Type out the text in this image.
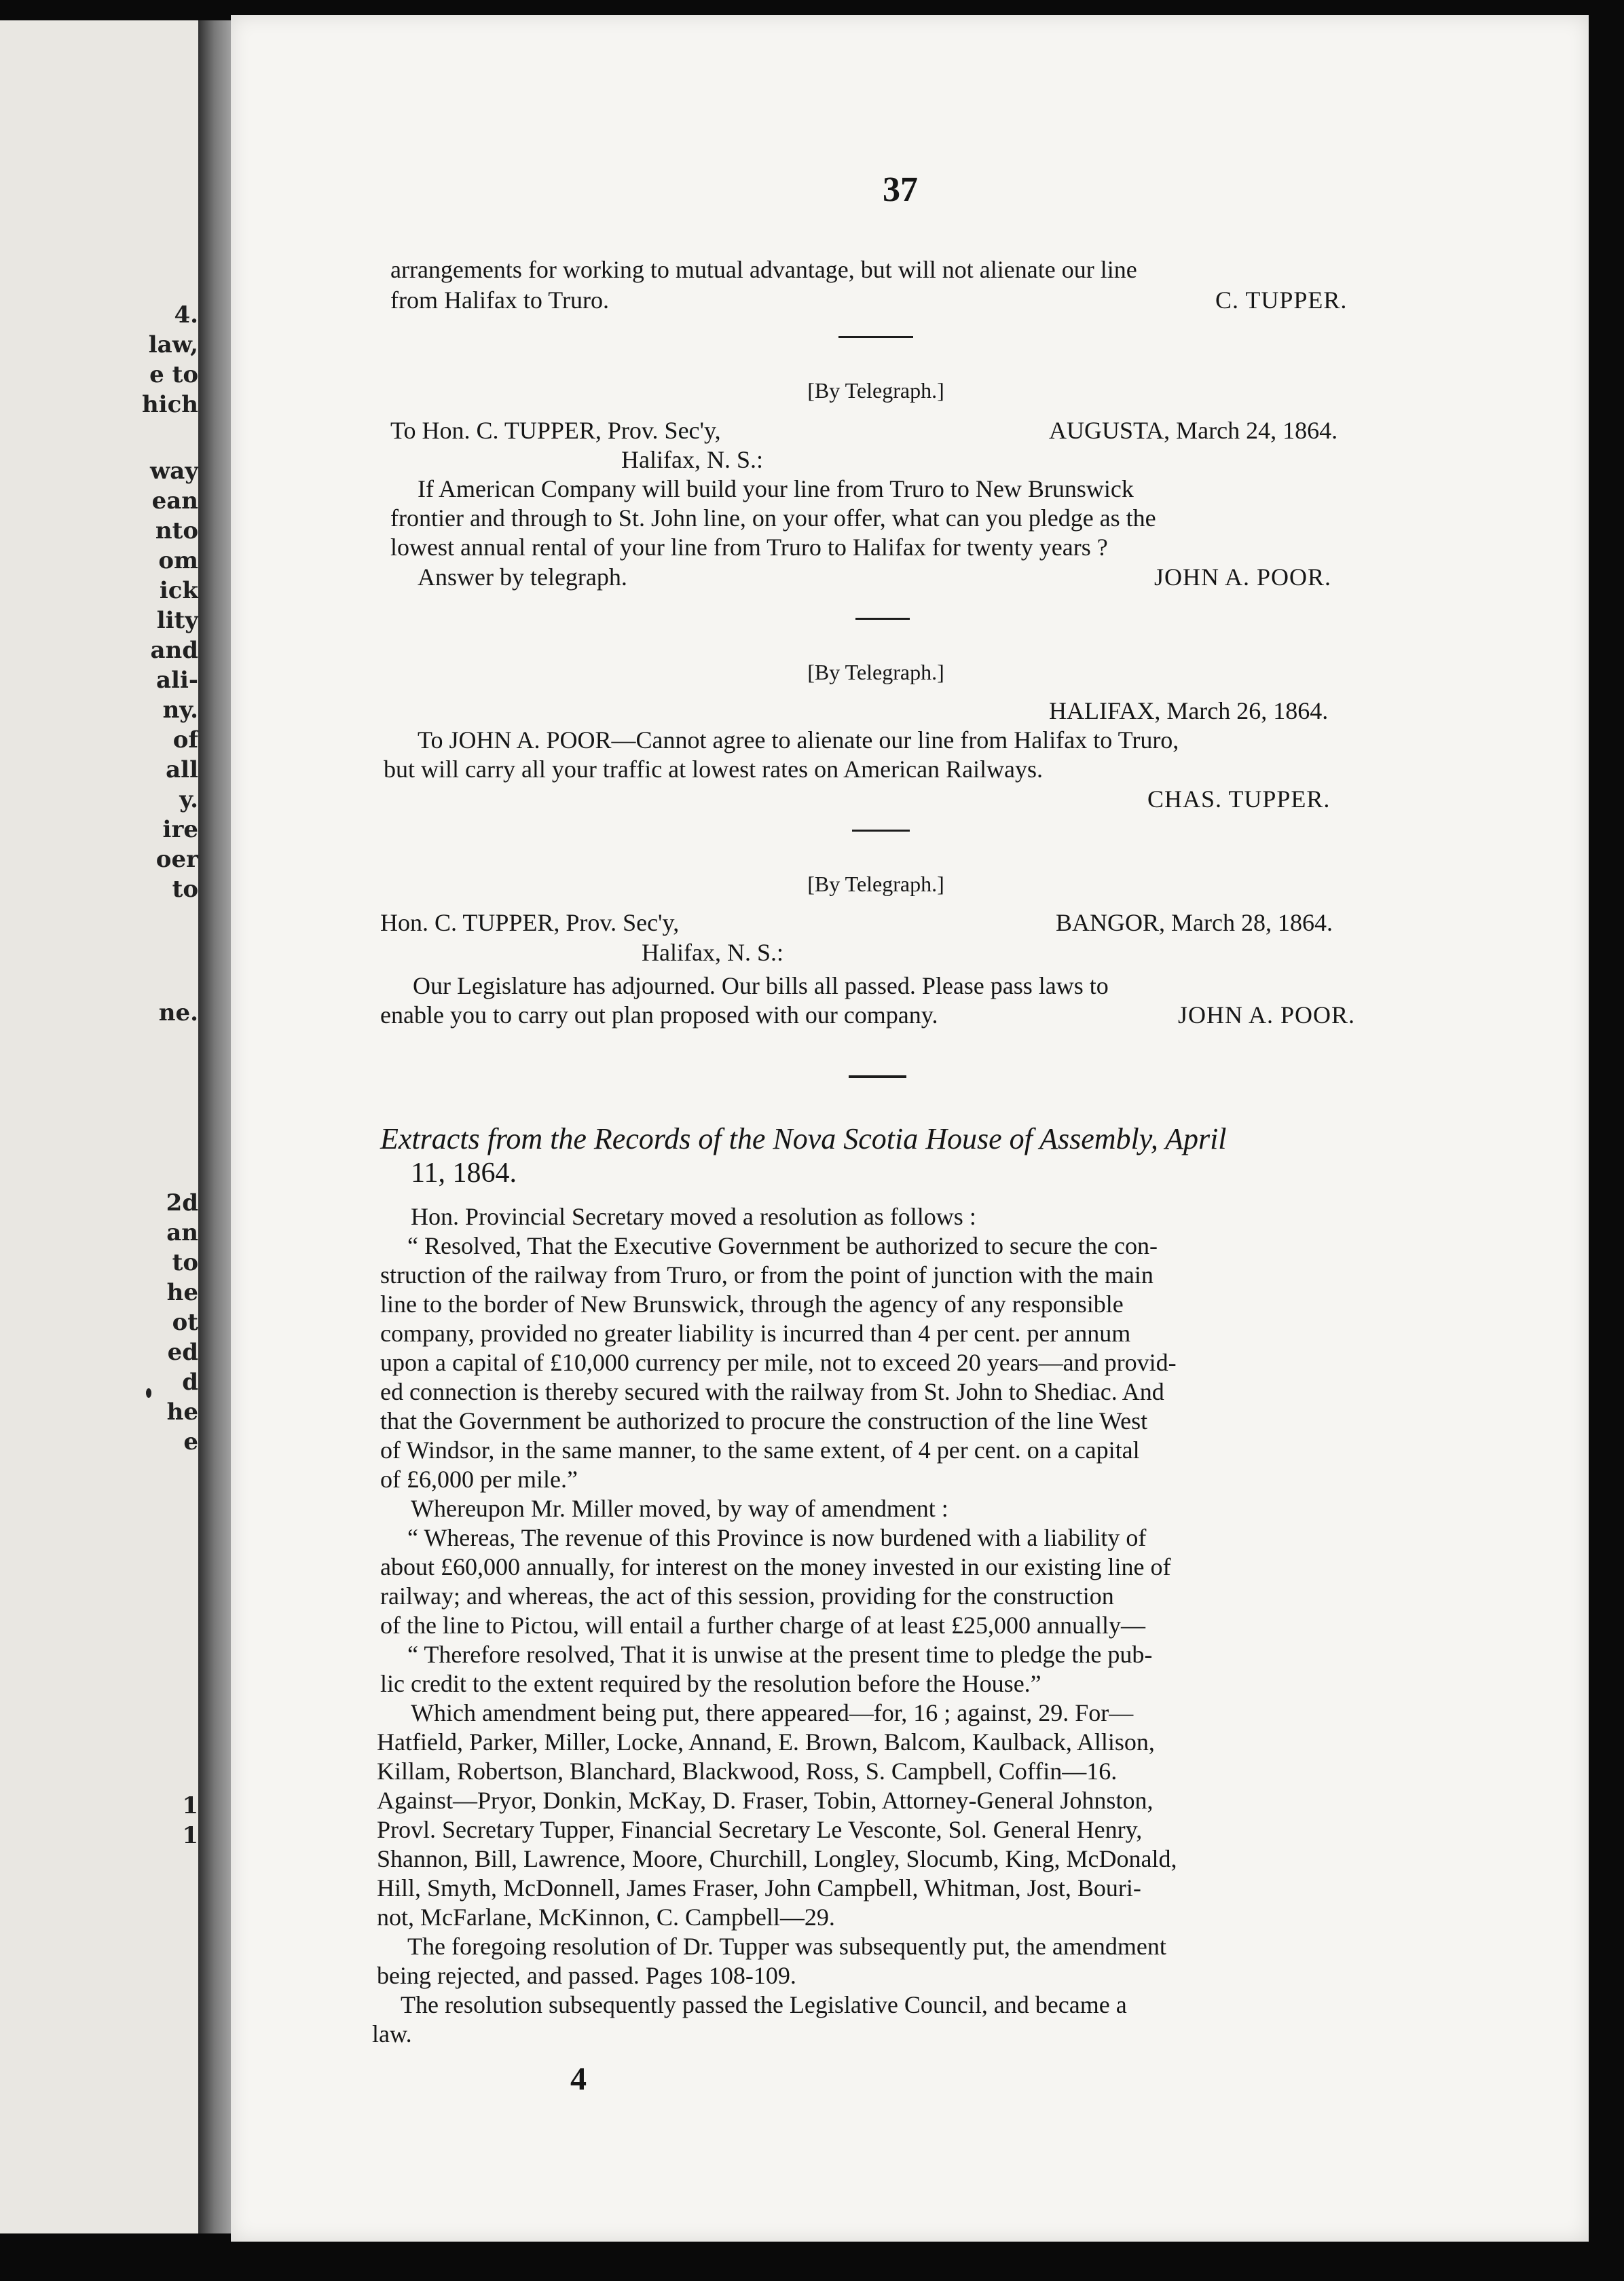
4.
law,
e to
hich
way
ean
nto
om
ick
lity
and
ali-
ny.
of
all
y.
ire
oer
to
ne.
2d
an
to
he
ot
ed
d
he
e
1
1
37
arrangements for working to mutual advantage, but will not alienate our line
from Halifax to Truro.	C. TUPPER.
[By Telegraph.]
To Hon. C. TUPPER, Prov. Sec'y,	AUGUSTA, March 24, 1864.
Halifax, N. S.:
If American Company will build your line from Truro to New Brunswick
frontier and through to St. John line, on your offer, what can you pledge as the
lowest annual rental of your line from Truro to Halifax for twenty years ?
Answer by telegraph.	JOHN A. POOR.
[By Telegraph.]
HALIFAX, March 26, 1864.
To JOHN A. POOR—Cannot agree to alienate our line from Halifax to Truro,
but will carry all your traffic at lowest rates on American Railways.
CHAS. TUPPER.
[By Telegraph.]
Hon. C. TUPPER, Prov. Sec'y,	BANGOR, March 28, 1864.
Halifax, N. S.:
Our Legislature has adjourned. Our bills all passed. Please pass laws to
enable you to carry out plan proposed with our company.	JOHN A. POOR.
Extracts from the Records of the Nova Scotia House of Assembly, April
11, 1864.
Hon. Provincial Secretary moved a resolution as follows :
“ Resolved, That the Executive Government be authorized to secure the con-
struction of the railway from Truro, or from the point of junction with the main
line to the border of New Brunswick, through the agency of any responsible
company, provided no greater liability is incurred than 4 per cent. per annum
upon a capital of £10,000 currency per mile, not to exceed 20 years—and provid-
ed connection is thereby secured with the railway from St. John to Shediac. And
that the Government be authorized to procure the construction of the line West
of Windsor, in the same manner, to the same extent, of 4 per cent. on a capital
of £6,000 per mile.”
Whereupon Mr. Miller moved, by way of amendment :
“ Whereas, The revenue of this Province is now burdened with a liability of
about £60,000 annually, for interest on the money invested in our existing line of
railway; and whereas, the act of this session, providing for the construction
of the line to Pictou, will entail a further charge of at least £25,000 annually—
“ Therefore resolved, That it is unwise at the present time to pledge the pub-
lic credit to the extent required by the resolution before the House.”
Which amendment being put, there appeared—for, 16 ; against, 29. For—
Hatfield, Parker, Miller, Locke, Annand, E. Brown, Balcom, Kaulback, Allison,
Killam, Robertson, Blanchard, Blackwood, Ross, S. Campbell, Coffin—16.
Against—Pryor, Donkin, McKay, D. Fraser, Tobin, Attorney-General Johnston,
Provl. Secretary Tupper, Financial Secretary Le Vesconte, Sol. General Henry,
Shannon, Bill, Lawrence, Moore, Churchill, Longley, Slocumb, King, McDonald,
Hill, Smyth, McDonnell, James Fraser, John Campbell, Whitman, Jost, Bouri-
not, McFarlane, McKinnon, C. Campbell—29.
The foregoing resolution of Dr. Tupper was subsequently put, the amendment
being rejected, and passed. Pages 108-109.
The resolution subsequently passed the Legislative Council, and became a
law.
4
